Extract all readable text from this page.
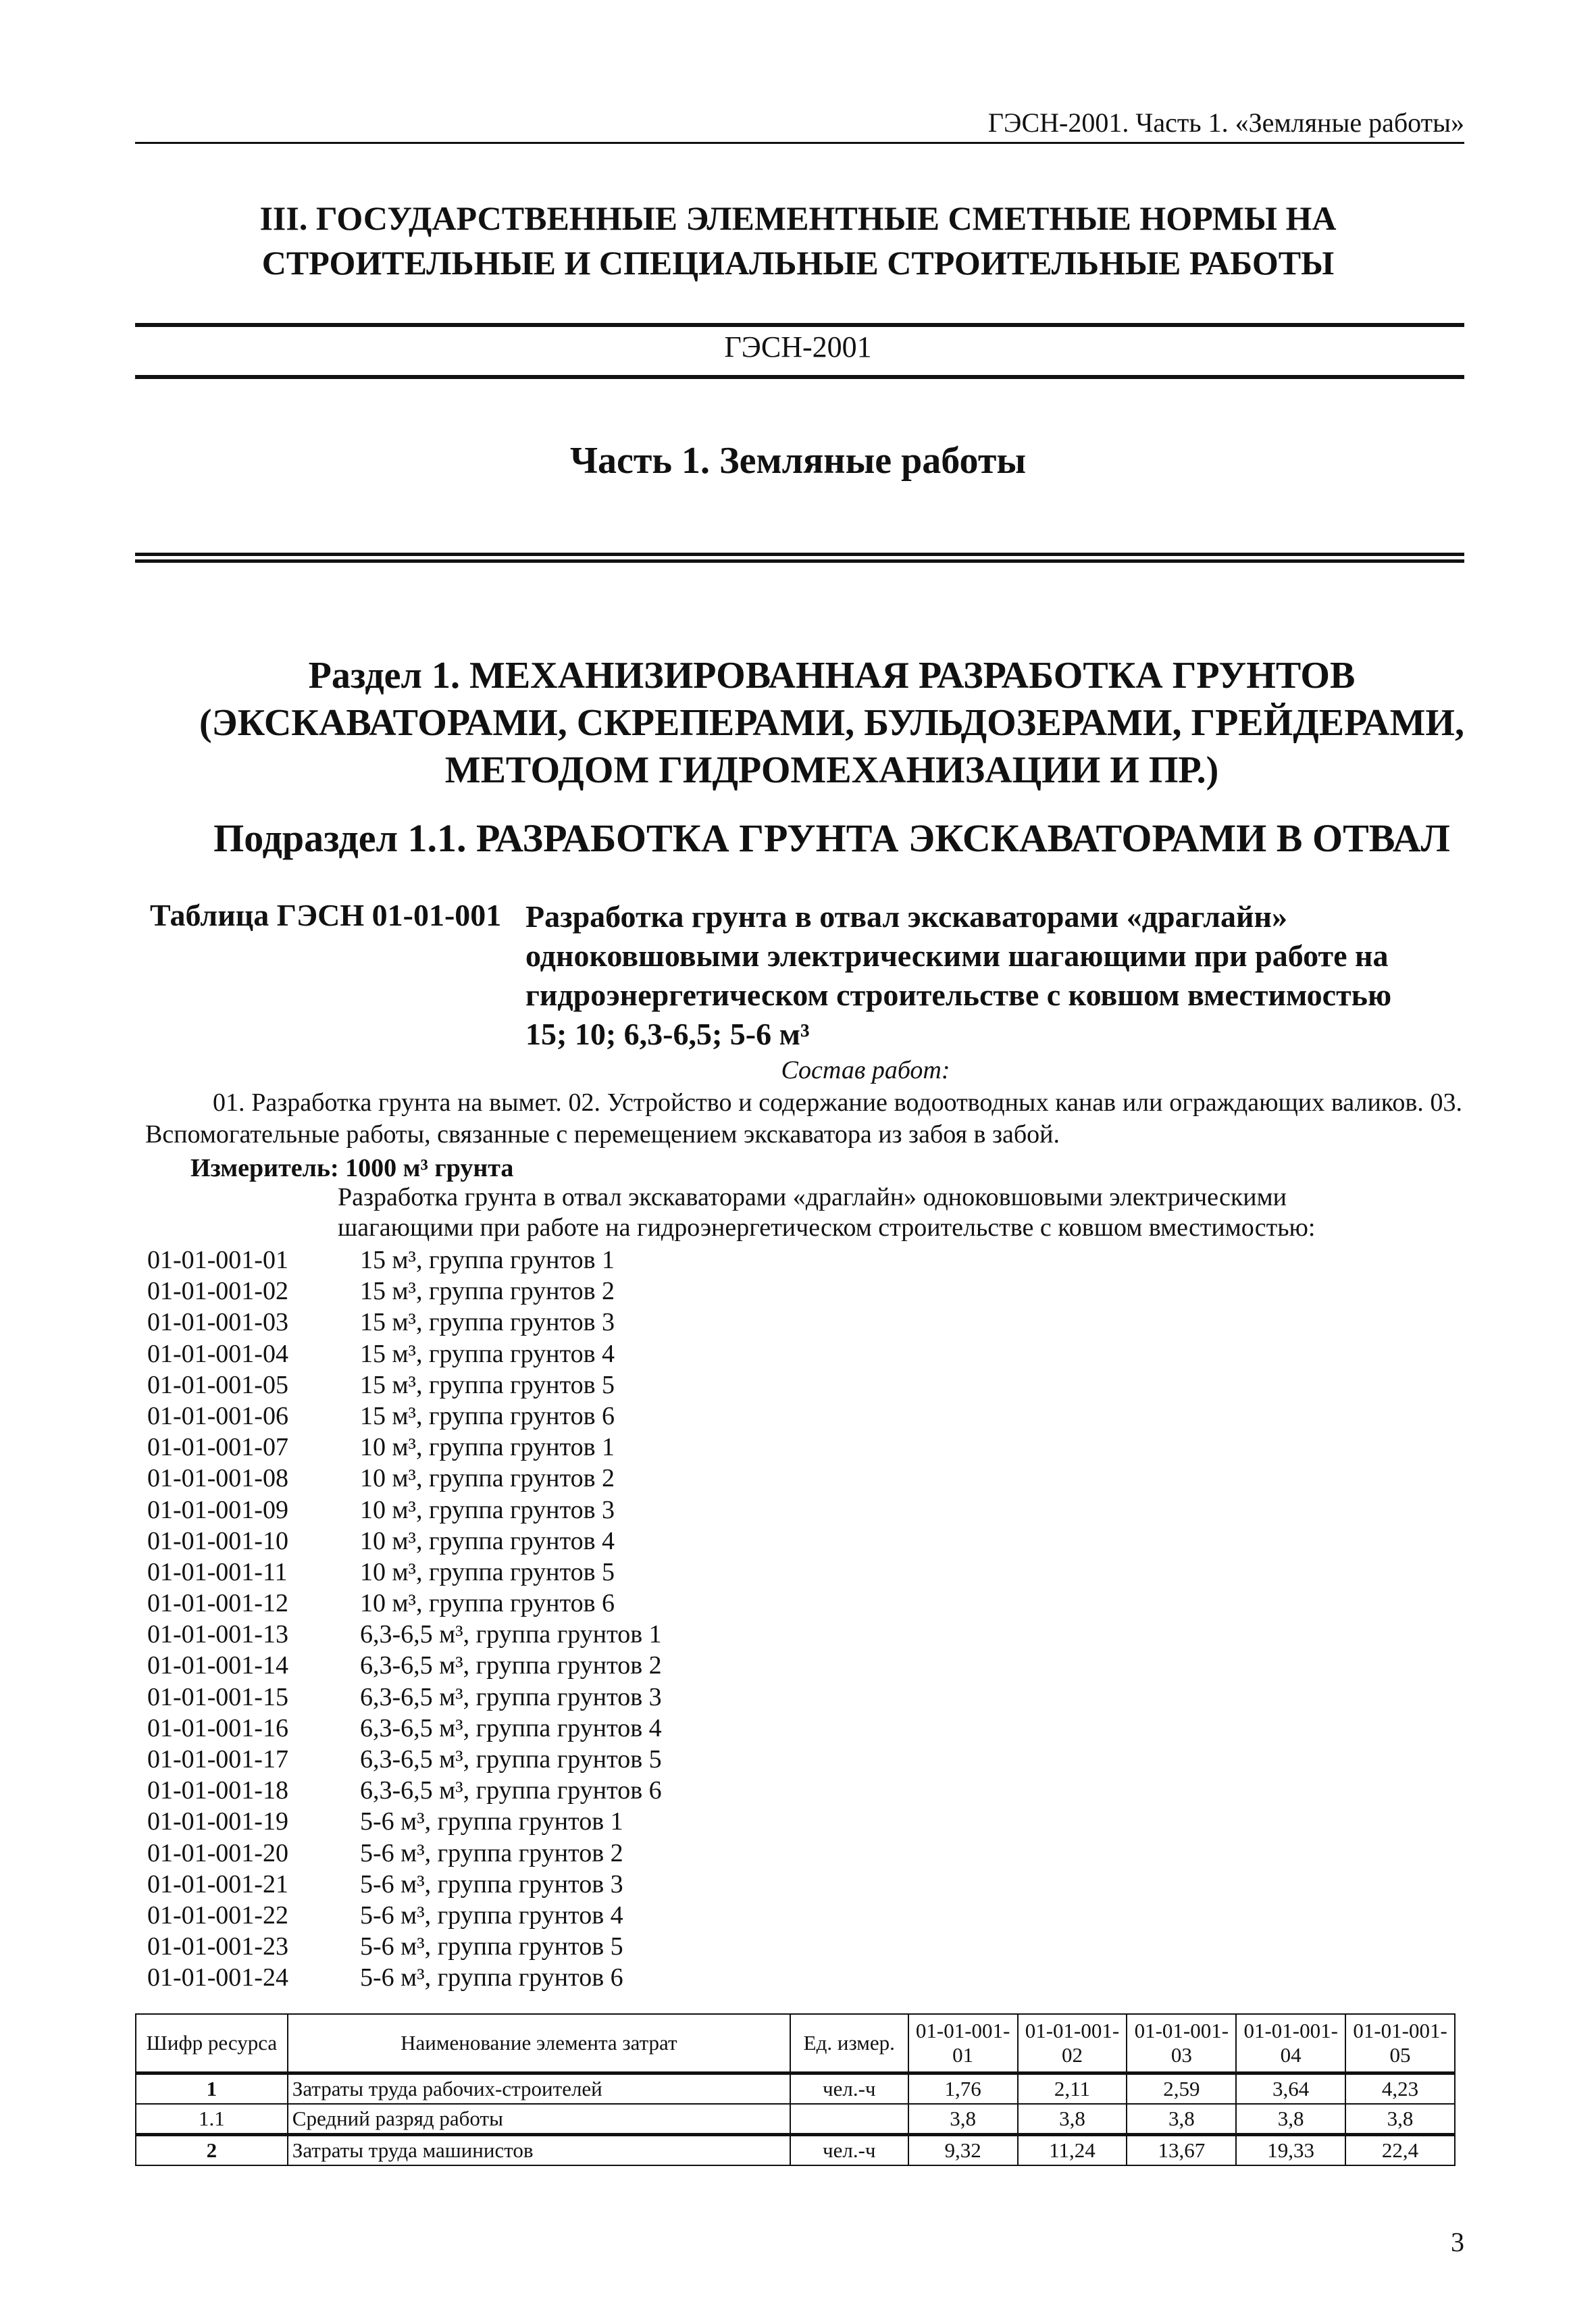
ГЭСН-2001. Часть 1. «Земляные работы»
III. ГОСУДАРСТВЕННЫЕ ЭЛЕМЕНТНЫЕ СМЕТНЫЕ НОРМЫ НА
СТРОИТЕЛЬНЫЕ И СПЕЦИАЛЬНЫЕ СТРОИТЕЛЬНЫЕ РАБОТЫ
ГЭСН-2001
Часть 1. Земляные работы
Раздел 1. МЕХАНИЗИРОВАННАЯ РАЗРАБОТКА ГРУНТОВ
(ЭКСКАВАТОРАМИ, СКРЕПЕРАМИ, БУЛЬДОЗЕРАМИ, ГРЕЙДЕРАМИ,
МЕТОДОМ ГИДРОМЕХАНИЗАЦИИ И ПР.)
Подраздел 1.1. РАЗРАБОТКА ГРУНТА ЭКСКАВАТОРАМИ В ОТВАЛ
Таблица ГЭСН 01-01-001 Разработка грунта в отвал экскаваторами «драглайн»
одноковшовыми электрическими шагающими при работе на
гидроэнергетическом строительстве с ковшом вместимостью
15; 10; 6,3-6,5; 5-6 м³
Состав работ:
01. Разработка грунта на вымет. 02. Устройство и содержание водоотводных канав или ограждающих валиков. 03. Вспомогательные работы, связанные с перемещением экскаватора из забоя в забой.
Измеритель: 1000 м³ грунта
Разработка грунта в отвал экскаваторами «драглайн» одноковшовыми электрическими
шагающими при работе на гидроэнергетическом строительстве с ковшом вместимостью:
01-01-001-01	15 м³, группа грунтов 1
01-01-001-02	15 м³, группа грунтов 2
01-01-001-03	15 м³, группа грунтов 3
01-01-001-04	15 м³, группа грунтов 4
01-01-001-05	15 м³, группа грунтов 5
01-01-001-06	15 м³, группа грунтов 6
01-01-001-07	10 м³, группа грунтов 1
01-01-001-08	10 м³, группа грунтов 2
01-01-001-09	10 м³, группа грунтов 3
01-01-001-10	10 м³, группа грунтов 4
01-01-001-11	10 м³, группа грунтов 5
01-01-001-12	10 м³, группа грунтов 6
01-01-001-13	6,3-6,5 м³, группа грунтов 1
01-01-001-14	6,3-6,5 м³, группа грунтов 2
01-01-001-15	6,3-6,5 м³, группа грунтов 3
01-01-001-16	6,3-6,5 м³, группа грунтов 4
01-01-001-17	6,3-6,5 м³, группа грунтов 5
01-01-001-18	6,3-6,5 м³, группа грунтов 6
01-01-001-19	5-6 м³, группа грунтов 1
01-01-001-20	5-6 м³, группа грунтов 2
01-01-001-21	5-6 м³, группа грунтов 3
01-01-001-22	5-6 м³, группа грунтов 4
01-01-001-23	5-6 м³, группа грунтов 5
01-01-001-24	5-6 м³, группа грунтов 6
Шифр ресурса	Наименование элемента затрат	Ед. измер.	01-01-001-01	01-01-001-02	01-01-001-03	01-01-001-04	01-01-001-05
1	Затраты труда рабочих-строителей	чел.-ч	1,76	2,11	2,59	3,64	4,23
1.1	Средний разряд работы		3,8	3,8	3,8	3,8	3,8
2	Затраты труда машинистов	чел.-ч	9,32	11,24	13,67	19,33	22,4
3
